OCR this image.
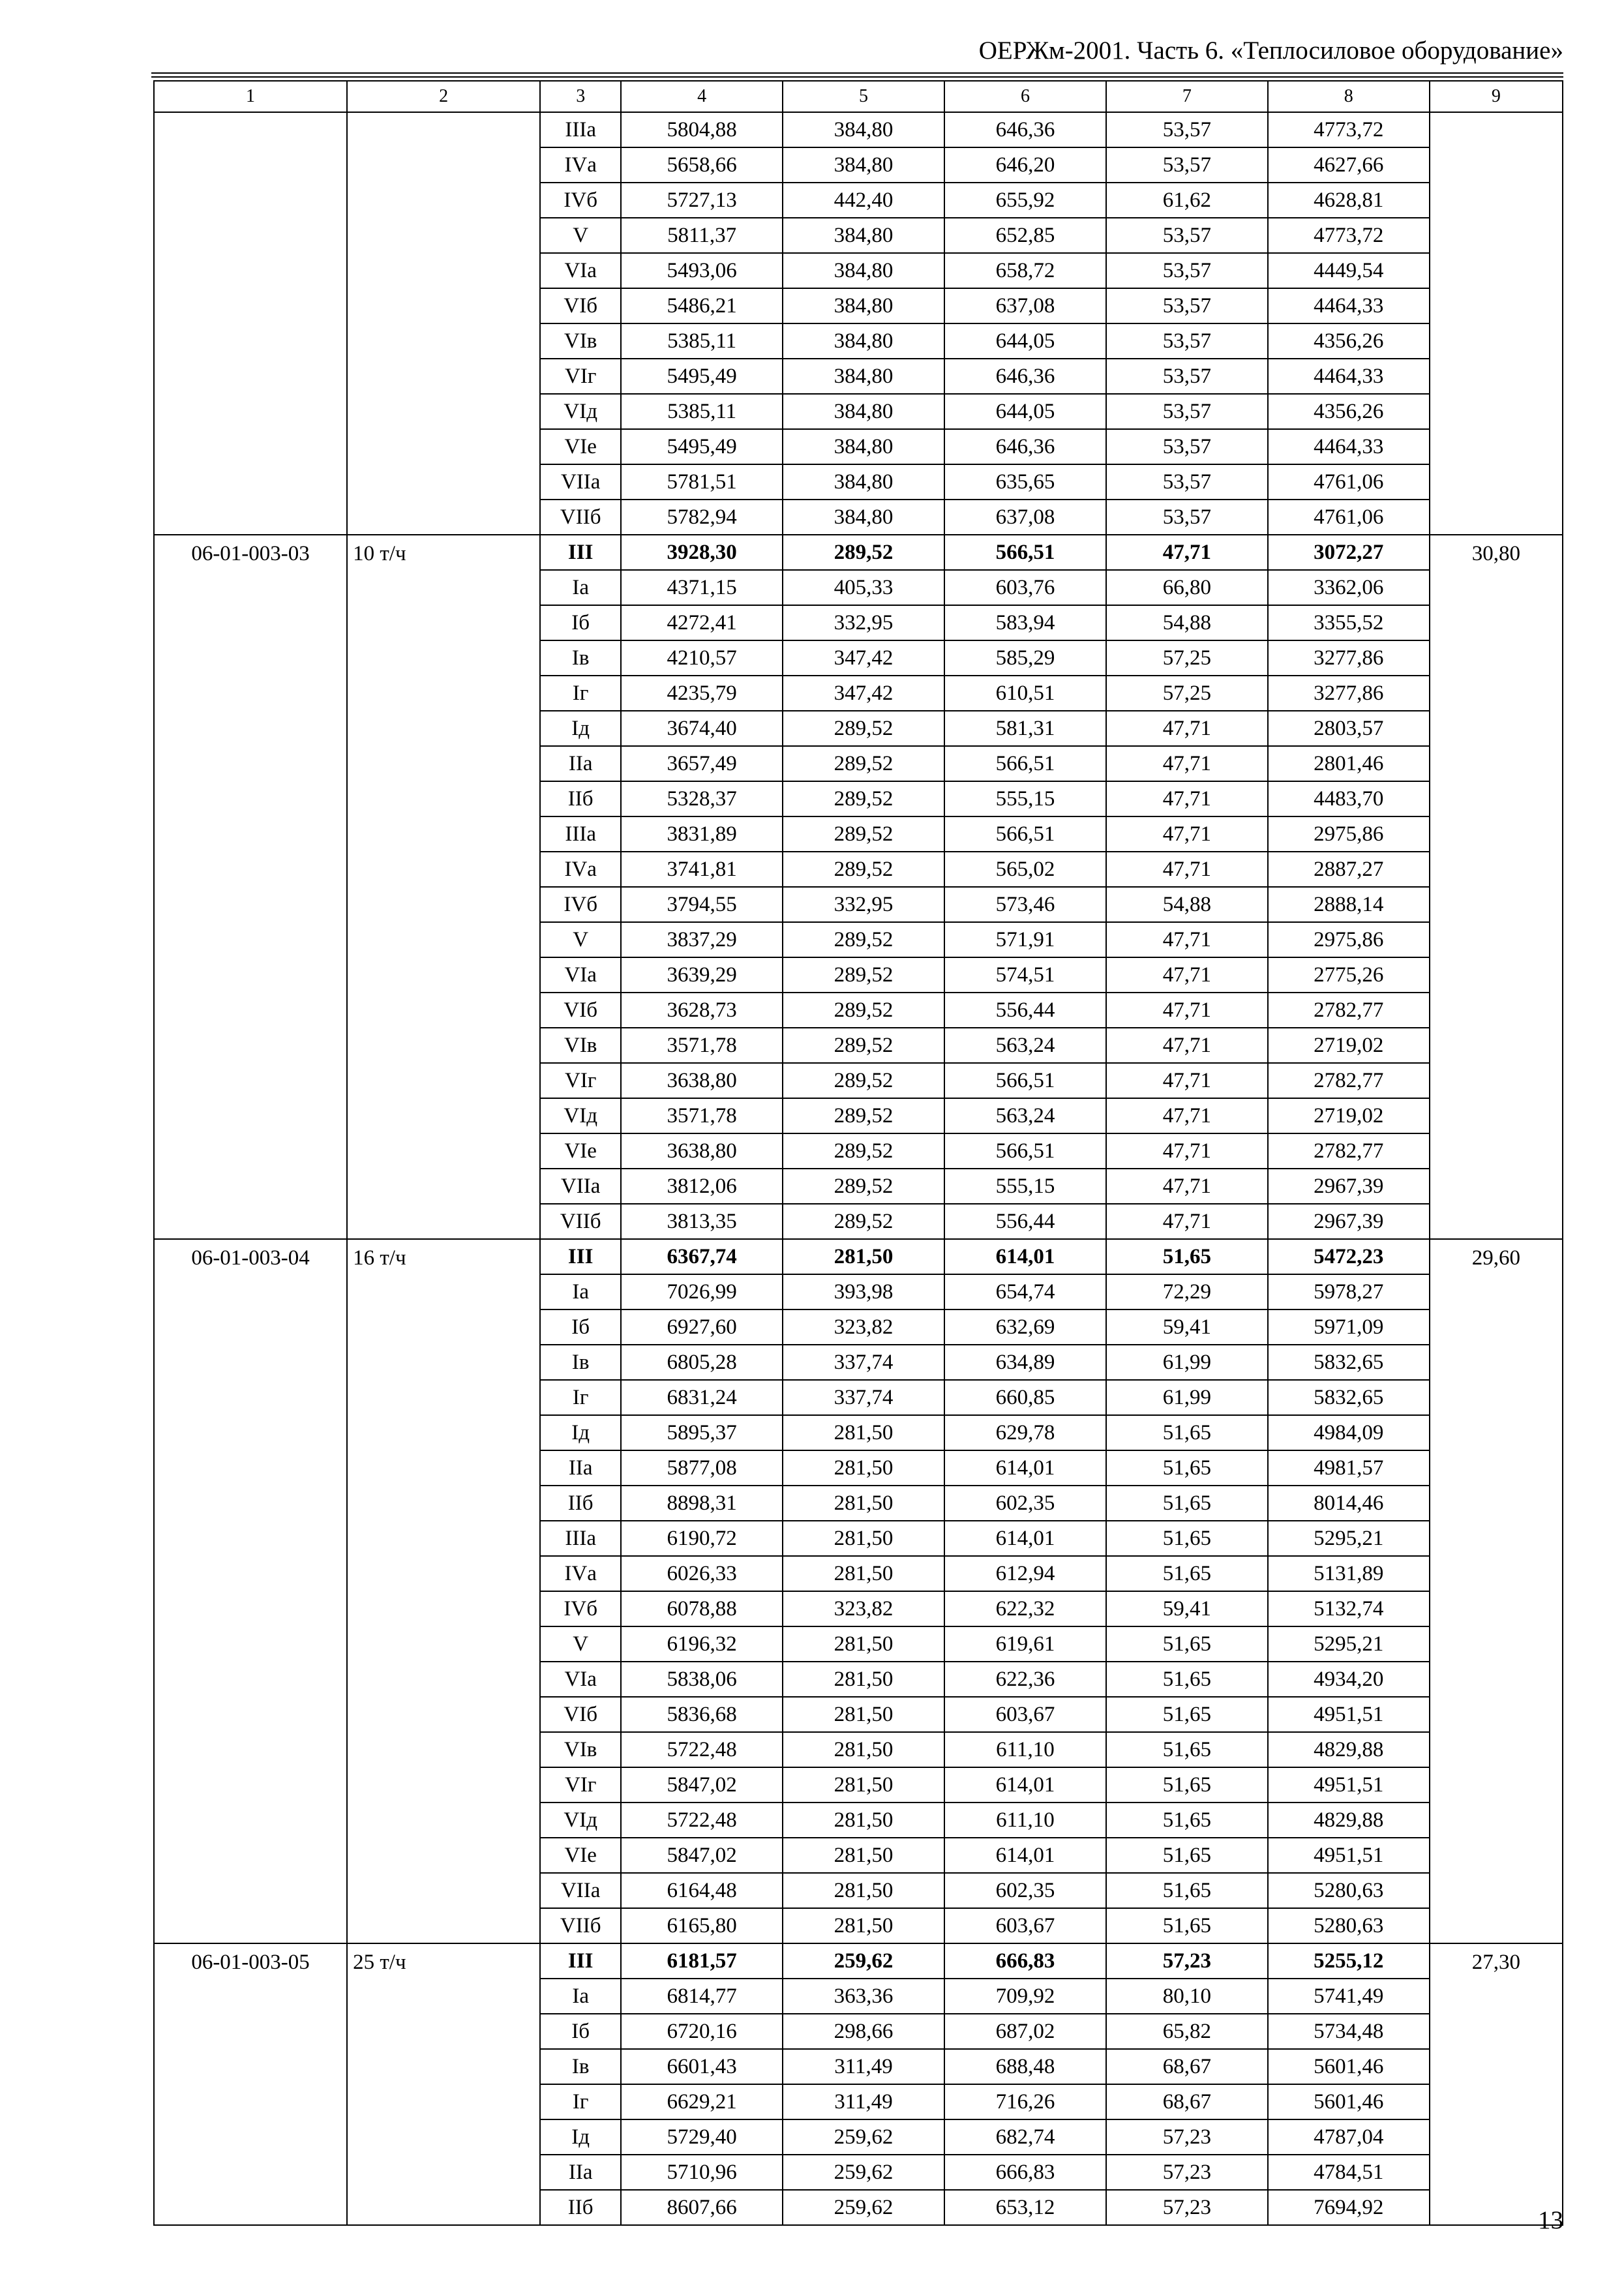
ОЕРЖм-2001. Часть 6. «Теплосиловое оборудование»
1	2	3	4	5	6	7	8	9
		IIIа	5804,88	384,80	646,36	53,57	4773,72	
		IVа	5658,66	384,80	646,20	53,57	4627,66	
		IVб	5727,13	442,40	655,92	61,62	4628,81	
		V	5811,37	384,80	652,85	53,57	4773,72	
		VIа	5493,06	384,80	658,72	53,57	4449,54	
		VIб	5486,21	384,80	637,08	53,57	4464,33	
		VIв	5385,11	384,80	644,05	53,57	4356,26	
		VIг	5495,49	384,80	646,36	53,57	4464,33	
		VIд	5385,11	384,80	644,05	53,57	4356,26	
		VIе	5495,49	384,80	646,36	53,57	4464,33	
		VIIа	5781,51	384,80	635,65	53,57	4761,06	
		VIIб	5782,94	384,80	637,08	53,57	4761,06	
06-01-003-03	10 т/ч	III	3928,30	289,52	566,51	47,71	3072,27	30,80
		Iа	4371,15	405,33	603,76	66,80	3362,06	
		Iб	4272,41	332,95	583,94	54,88	3355,52	
		Iв	4210,57	347,42	585,29	57,25	3277,86	
		Iг	4235,79	347,42	610,51	57,25	3277,86	
		Iд	3674,40	289,52	581,31	47,71	2803,57	
		IIа	3657,49	289,52	566,51	47,71	2801,46	
		IIб	5328,37	289,52	555,15	47,71	4483,70	
		IIIа	3831,89	289,52	566,51	47,71	2975,86	
		IVа	3741,81	289,52	565,02	47,71	2887,27	
		IVб	3794,55	332,95	573,46	54,88	2888,14	
		V	3837,29	289,52	571,91	47,71	2975,86	
		VIа	3639,29	289,52	574,51	47,71	2775,26	
		VIб	3628,73	289,52	556,44	47,71	2782,77	
		VIв	3571,78	289,52	563,24	47,71	2719,02	
		VIг	3638,80	289,52	566,51	47,71	2782,77	
		VIд	3571,78	289,52	563,24	47,71	2719,02	
		VIе	3638,80	289,52	566,51	47,71	2782,77	
		VIIа	3812,06	289,52	555,15	47,71	2967,39	
		VIIб	3813,35	289,52	556,44	47,71	2967,39	
06-01-003-04	16 т/ч	III	6367,74	281,50	614,01	51,65	5472,23	29,60
		Iа	7026,99	393,98	654,74	72,29	5978,27	
		Iб	6927,60	323,82	632,69	59,41	5971,09	
		Iв	6805,28	337,74	634,89	61,99	5832,65	
		Iг	6831,24	337,74	660,85	61,99	5832,65	
		Iд	5895,37	281,50	629,78	51,65	4984,09	
		IIа	5877,08	281,50	614,01	51,65	4981,57	
		IIб	8898,31	281,50	602,35	51,65	8014,46	
		IIIа	6190,72	281,50	614,01	51,65	5295,21	
		IVа	6026,33	281,50	612,94	51,65	5131,89	
		IVб	6078,88	323,82	622,32	59,41	5132,74	
		V	6196,32	281,50	619,61	51,65	5295,21	
		VIа	5838,06	281,50	622,36	51,65	4934,20	
		VIб	5836,68	281,50	603,67	51,65	4951,51	
		VIв	5722,48	281,50	611,10	51,65	4829,88	
		VIг	5847,02	281,50	614,01	51,65	4951,51	
		VIд	5722,48	281,50	611,10	51,65	4829,88	
		VIе	5847,02	281,50	614,01	51,65	4951,51	
		VIIа	6164,48	281,50	602,35	51,65	5280,63	
		VIIб	6165,80	281,50	603,67	51,65	5280,63	
06-01-003-05	25 т/ч	III	6181,57	259,62	666,83	57,23	5255,12	27,30
		Iа	6814,77	363,36	709,92	80,10	5741,49	
		Iб	6720,16	298,66	687,02	65,82	5734,48	
		Iв	6601,43	311,49	688,48	68,67	5601,46	
		Iг	6629,21	311,49	716,26	68,67	5601,46	
		Iд	5729,40	259,62	682,74	57,23	4787,04	
		IIа	5710,96	259,62	666,83	57,23	4784,51	
		IIб	8607,66	259,62	653,12	57,23	7694,92		13
